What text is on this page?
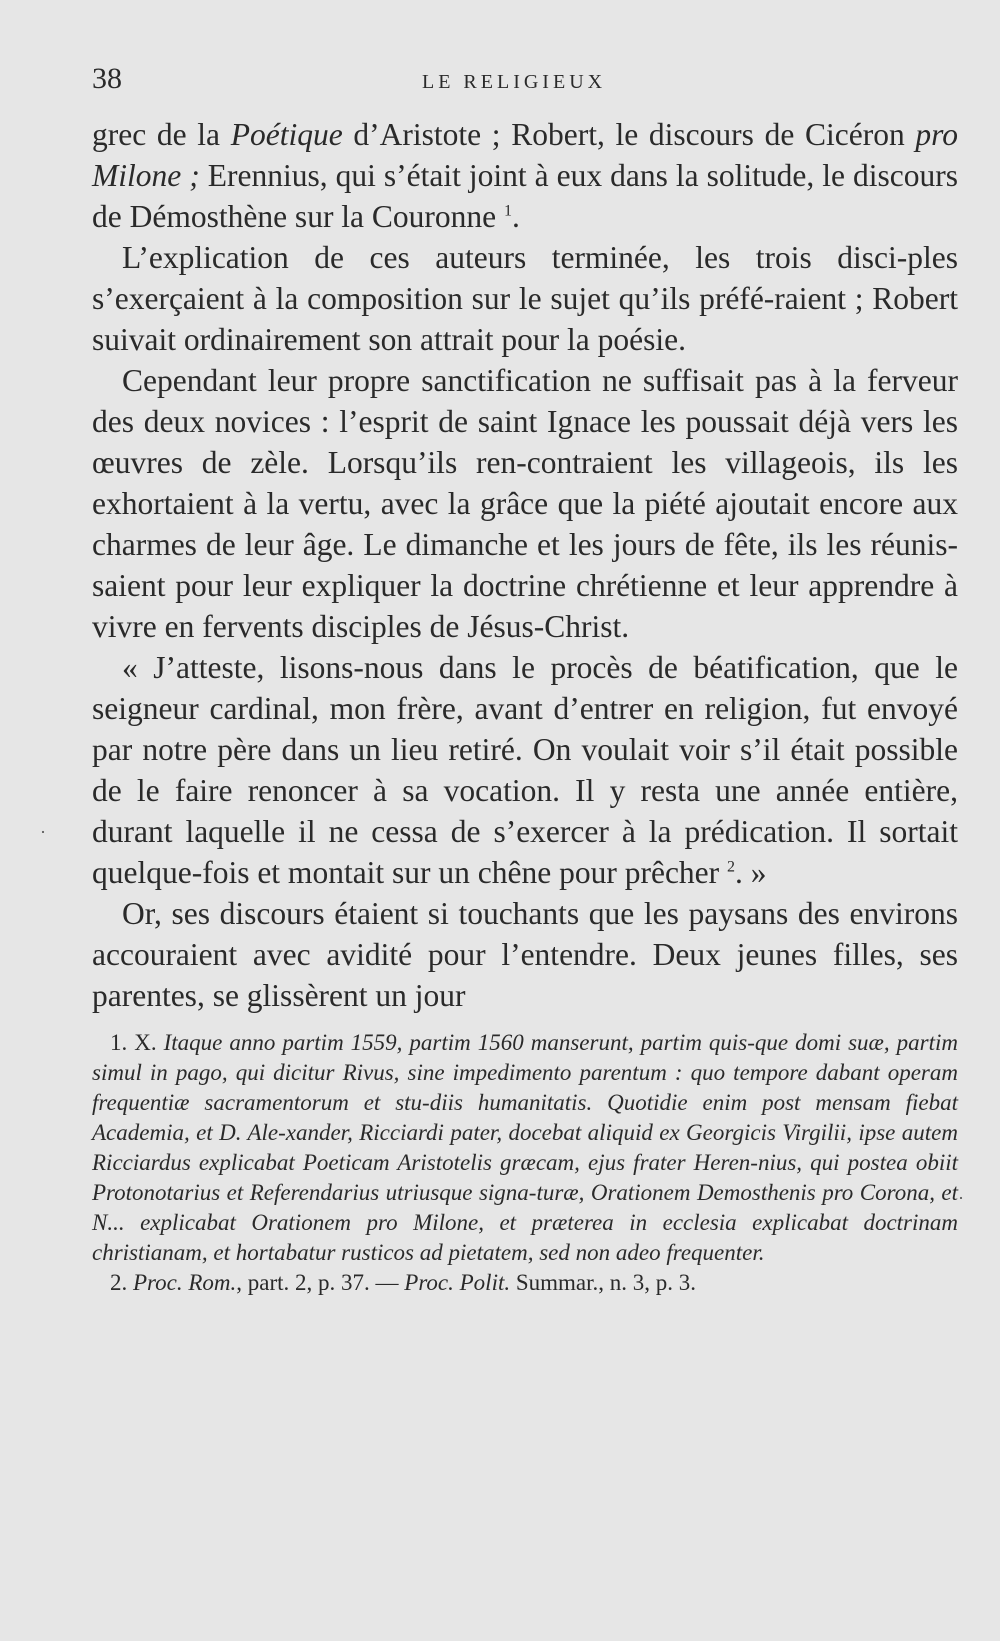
38	LE RELIGIEUX

grec de la Poétique d’Aristote ; Robert, le discours de Cicéron pro Milone ; Erennius, qui s’était joint à eux dans la solitude, le discours de Démosthène sur la Couronne $^1$.

L’explication de ces auteurs terminée, les trois disci-ples s’exerçaient à la composition sur le sujet qu’ils préfé-raient ; Robert suivait ordinairement son attrait pour la poésie.

Cependant leur propre sanctification ne suffisait pas à la ferveur des deux novices : l’esprit de saint Ignace les poussait déjà vers les œuvres de zèle. Lorsqu’ils ren-contraient les villageois, ils les exhortaient à la vertu, avec la grâce que la piété ajoutait encore aux charmes de leur âge. Le dimanche et les jours de fête, ils les réunis-saient pour leur expliquer la doctrine chrétienne et leur apprendre à vivre en fervents disciples de Jésus-Christ.

« J’atteste, lisons-nous dans le procès de béatification, que le seigneur cardinal, mon frère, avant d’entrer en religion, fut envoyé par notre père dans un lieu retiré. On voulait voir s’il était possible de le faire renoncer à sa vocation. Il y resta une année entière, durant laquelle il ne cessa de s’exercer à la prédication. Il sortait quelque-fois et montait sur un chêne pour prêcher $^2$. »

Or, ses discours étaient si touchants que les paysans des environs accouraient avec avidité pour l’entendre. Deux jeunes filles, ses parentes, se glissèrent un jour

1. X. Itaque anno partim 1559, partim 1560 manserunt, partim quis-que domi suæ, partim simul in pago, qui dicitur Rivus, sine impedimento parentum : quo tempore dabant operam frequentiæ sacramentorum et stu-diis humanitatis. Quotidie enim post mensam fiebat Academia, et D. Ale-xander, Ricciardi pater, docebat aliquid ex Georgicis Virgilii, ipse autem Ricciardus explicabat Poeticam Aristotelis græcam, ejus frater Heren-nius, qui postea obiit Protonotarius et Referendarius utriusque signa-turæ, Orationem Demosthenis pro Corona, et N... explicabat Orationem pro Milone, et præterea in ecclesia explicabat doctrinam christianam, et hortabatur rusticos ad pietatem, sed non adeo frequenter.

2. Proc. Rom., part. 2, p. 37. — Proc. Polit. Summar., n. 3, p. 3.

·
·
